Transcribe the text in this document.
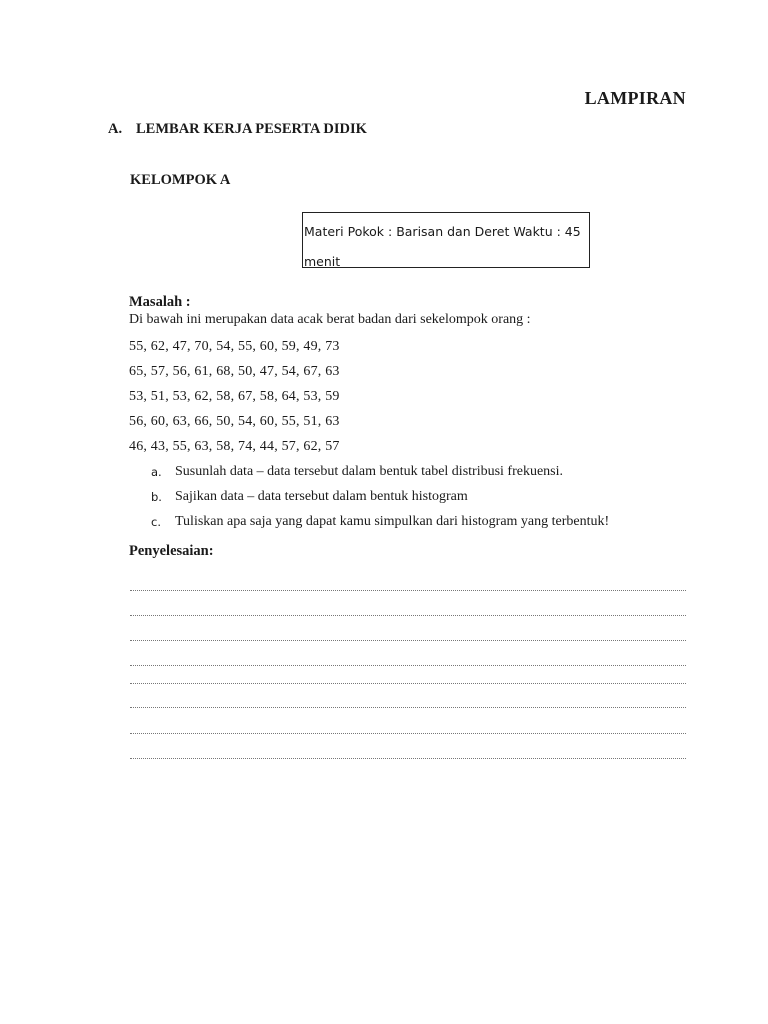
LAMPIRAN
A. LEMBAR KERJA PESERTA DIDIK
KELOMPOK A
Materi Pokok : Barisan dan Deret Waktu : 45
menit
Masalah :
Di bawah ini merupakan data acak berat badan dari sekelompok orang :
55, 62, 47, 70, 54, 55, 60, 59, 49, 73
65, 57, 56, 61, 68, 50, 47, 54, 67, 63
53, 51, 53, 62, 58, 67, 58, 64, 53, 59
56, 60, 63, 66, 50, 54, 60, 55, 51, 63
46, 43, 55, 63, 58, 74, 44, 57, 62, 57
a. Susunlah data – data tersebut dalam bentuk tabel distribusi frekuensi.
b. Sajikan data – data tersebut dalam bentuk histogram
c.	Tuliskan apa saja yang dapat kamu simpulkan dari histogram yang terbentuk!
Penyelesaian:
